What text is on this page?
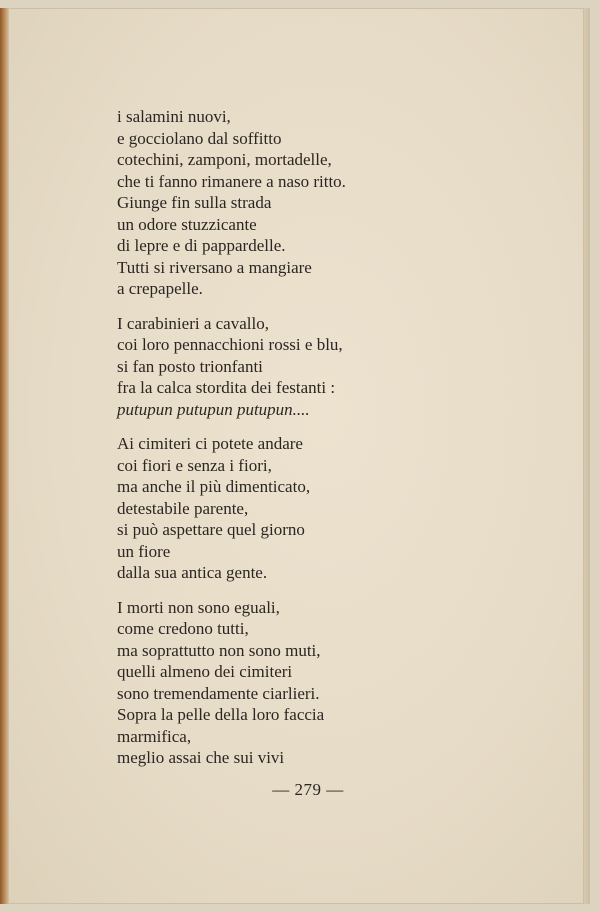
i salamini nuovi,
e gocciolano dal soffitto
cotechini, zamponi, mortadelle,
che ti fanno rimanere a naso ritto.
Giunge fin sulla strada
un odore stuzzicante
di lepre e di pappardelle.
Tutti si riversano a mangiare
a crepapelle.
I carabinieri a cavallo,
coi loro pennacchioni rossi e blu,
si fan posto trionfanti
fra la calca stordita dei festanti :
putupun putupun putupun....
Ai cimiteri ci potete andare
coi fiori e senza i fiori,
ma anche il più dimenticato,
detestabile parente,
si può aspettare quel giorno
un fiore
dalla sua antica gente.
I morti non sono eguali,
come credono tutti,
ma soprattutto non sono muti,
quelli almeno dei cimiteri
sono tremendamente ciarlieri.
Sopra la pelle della loro faccia
marmifica,
meglio assai che sui vivi
— 279 —
